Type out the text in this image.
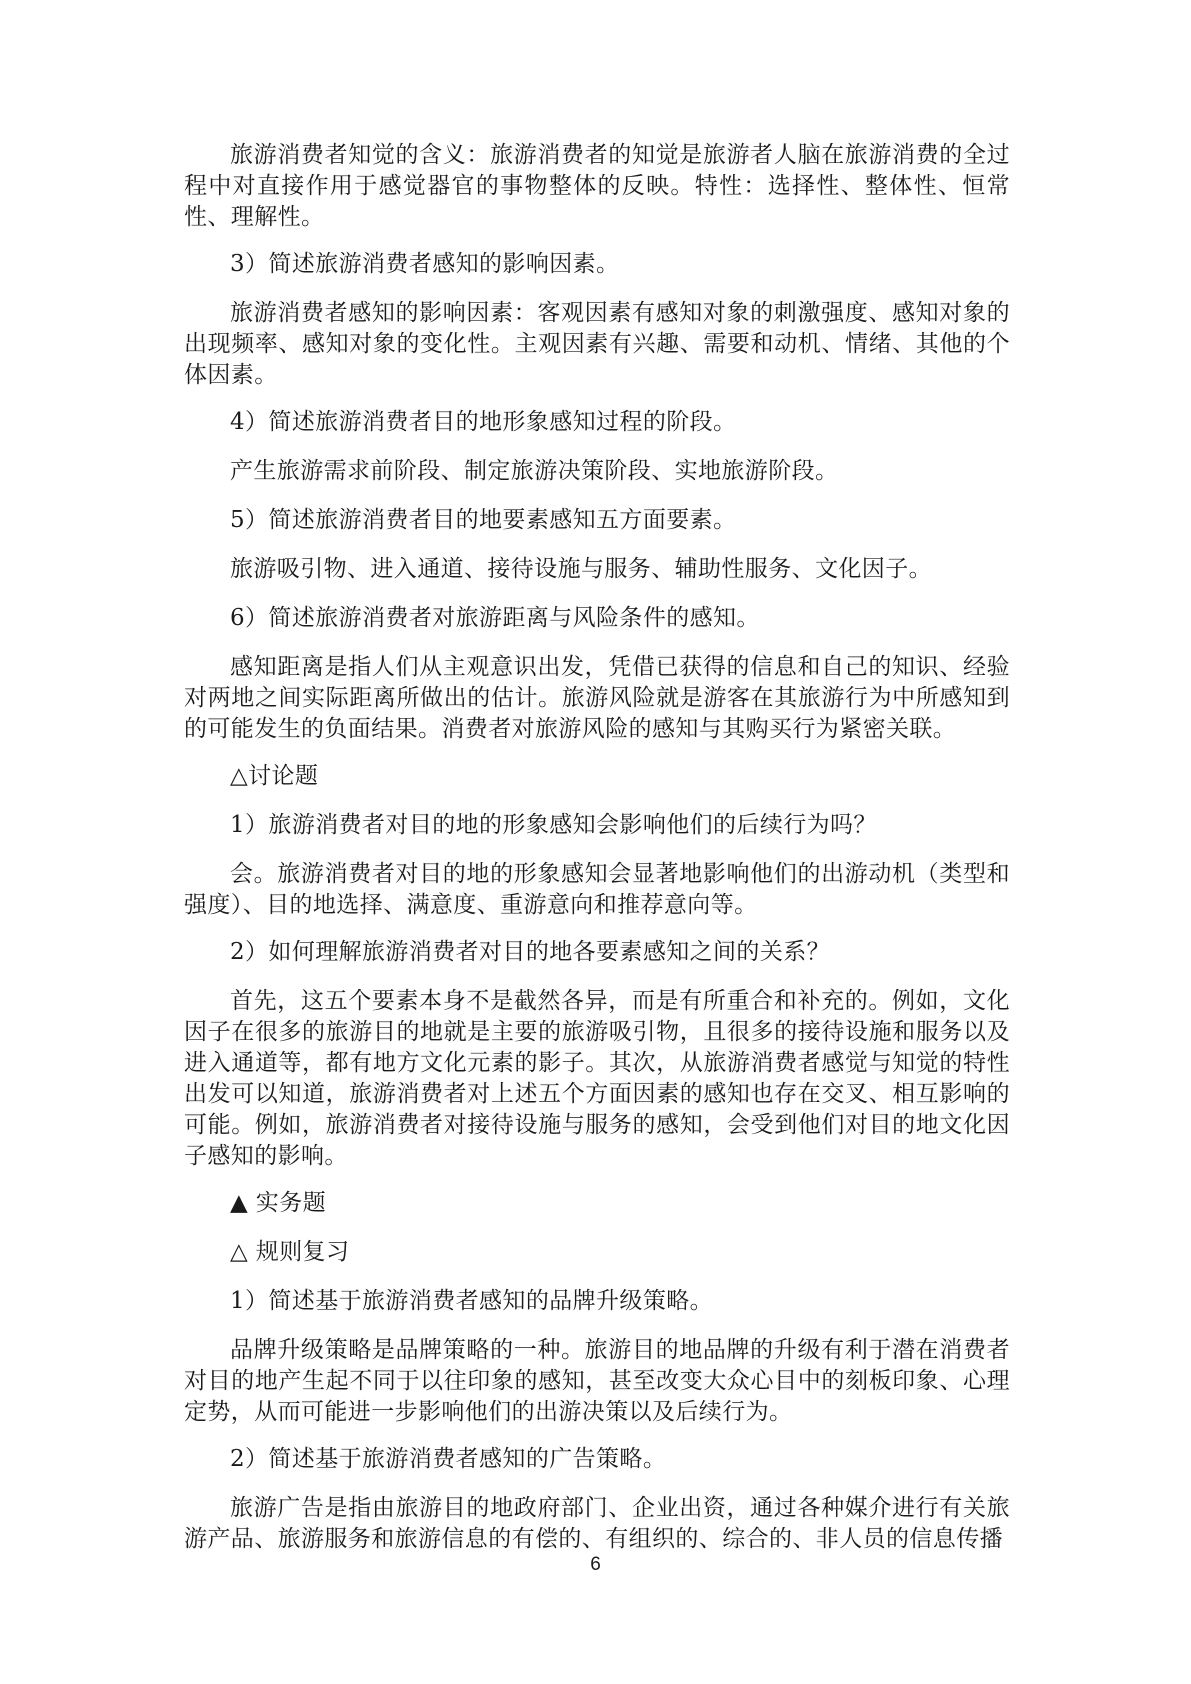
旅游消费者知觉的含义：旅游消费者的知觉是旅游者人脑在旅游消费的全过程中对直接作用于感觉器官的事物整体的反映。特性：选择性、整体性、恒常性、理解性。

3）简述旅游消费者感知的影响因素。

旅游消费者感知的影响因素：客观因素有感知对象的刺激强度、感知对象的出现频率、感知对象的变化性。主观因素有兴趣、需要和动机、情绪、其他的个体因素。

4）简述旅游消费者目的地形象感知过程的阶段。

产生旅游需求前阶段、制定旅游决策阶段、实地旅游阶段。

5）简述旅游消费者目的地要素感知五方面要素。

旅游吸引物、进入通道、接待设施与服务、辅助性服务、文化因子。

6）简述旅游消费者对旅游距离与风险条件的感知。

感知距离是指人们从主观意识出发，凭借已获得的信息和自己的知识、经验对两地之间实际距离所做出的估计。旅游风险就是游客在其旅游行为中所感知到的可能发生的负面结果。消费者对旅游风险的感知与其购买行为紧密关联。

△讨论题

1）旅游消费者对目的地的形象感知会影响他们的后续行为吗？

会。旅游消费者对目的地的形象感知会显著地影响他们的出游动机（类型和强度）、目的地选择、满意度、重游意向和推荐意向等。

2）如何理解旅游消费者对目的地各要素感知之间的关系？

首先，这五个要素本身不是截然各异，而是有所重合和补充的。例如，文化因子在很多的旅游目的地就是主要的旅游吸引物，且很多的接待设施和服务以及进入通道等，都有地方文化元素的影子。其次，从旅游消费者感觉与知觉的特性出发可以知道，旅游消费者对上述五个方面因素的感知也存在交叉、相互影响的可能。例如，旅游消费者对接待设施与服务的感知，会受到他们对目的地文化因子感知的影响。

▲ 实务题

△ 规则复习

1）简述基于旅游消费者感知的品牌升级策略。

品牌升级策略是品牌策略的一种。旅游目的地品牌的升级有利于潜在消费者对目的地产生起不同于以往印象的感知，甚至改变大众心目中的刻板印象、心理定势，从而可能进一步影响他们的出游决策以及后续行为。

2）简述基于旅游消费者感知的广告策略。

旅游广告是指由旅游目的地政府部门、企业出资，通过各种媒介进行有关旅游产品、旅游服务和旅游信息的有偿的、有组织的、综合的、非人员的信息传播

6
